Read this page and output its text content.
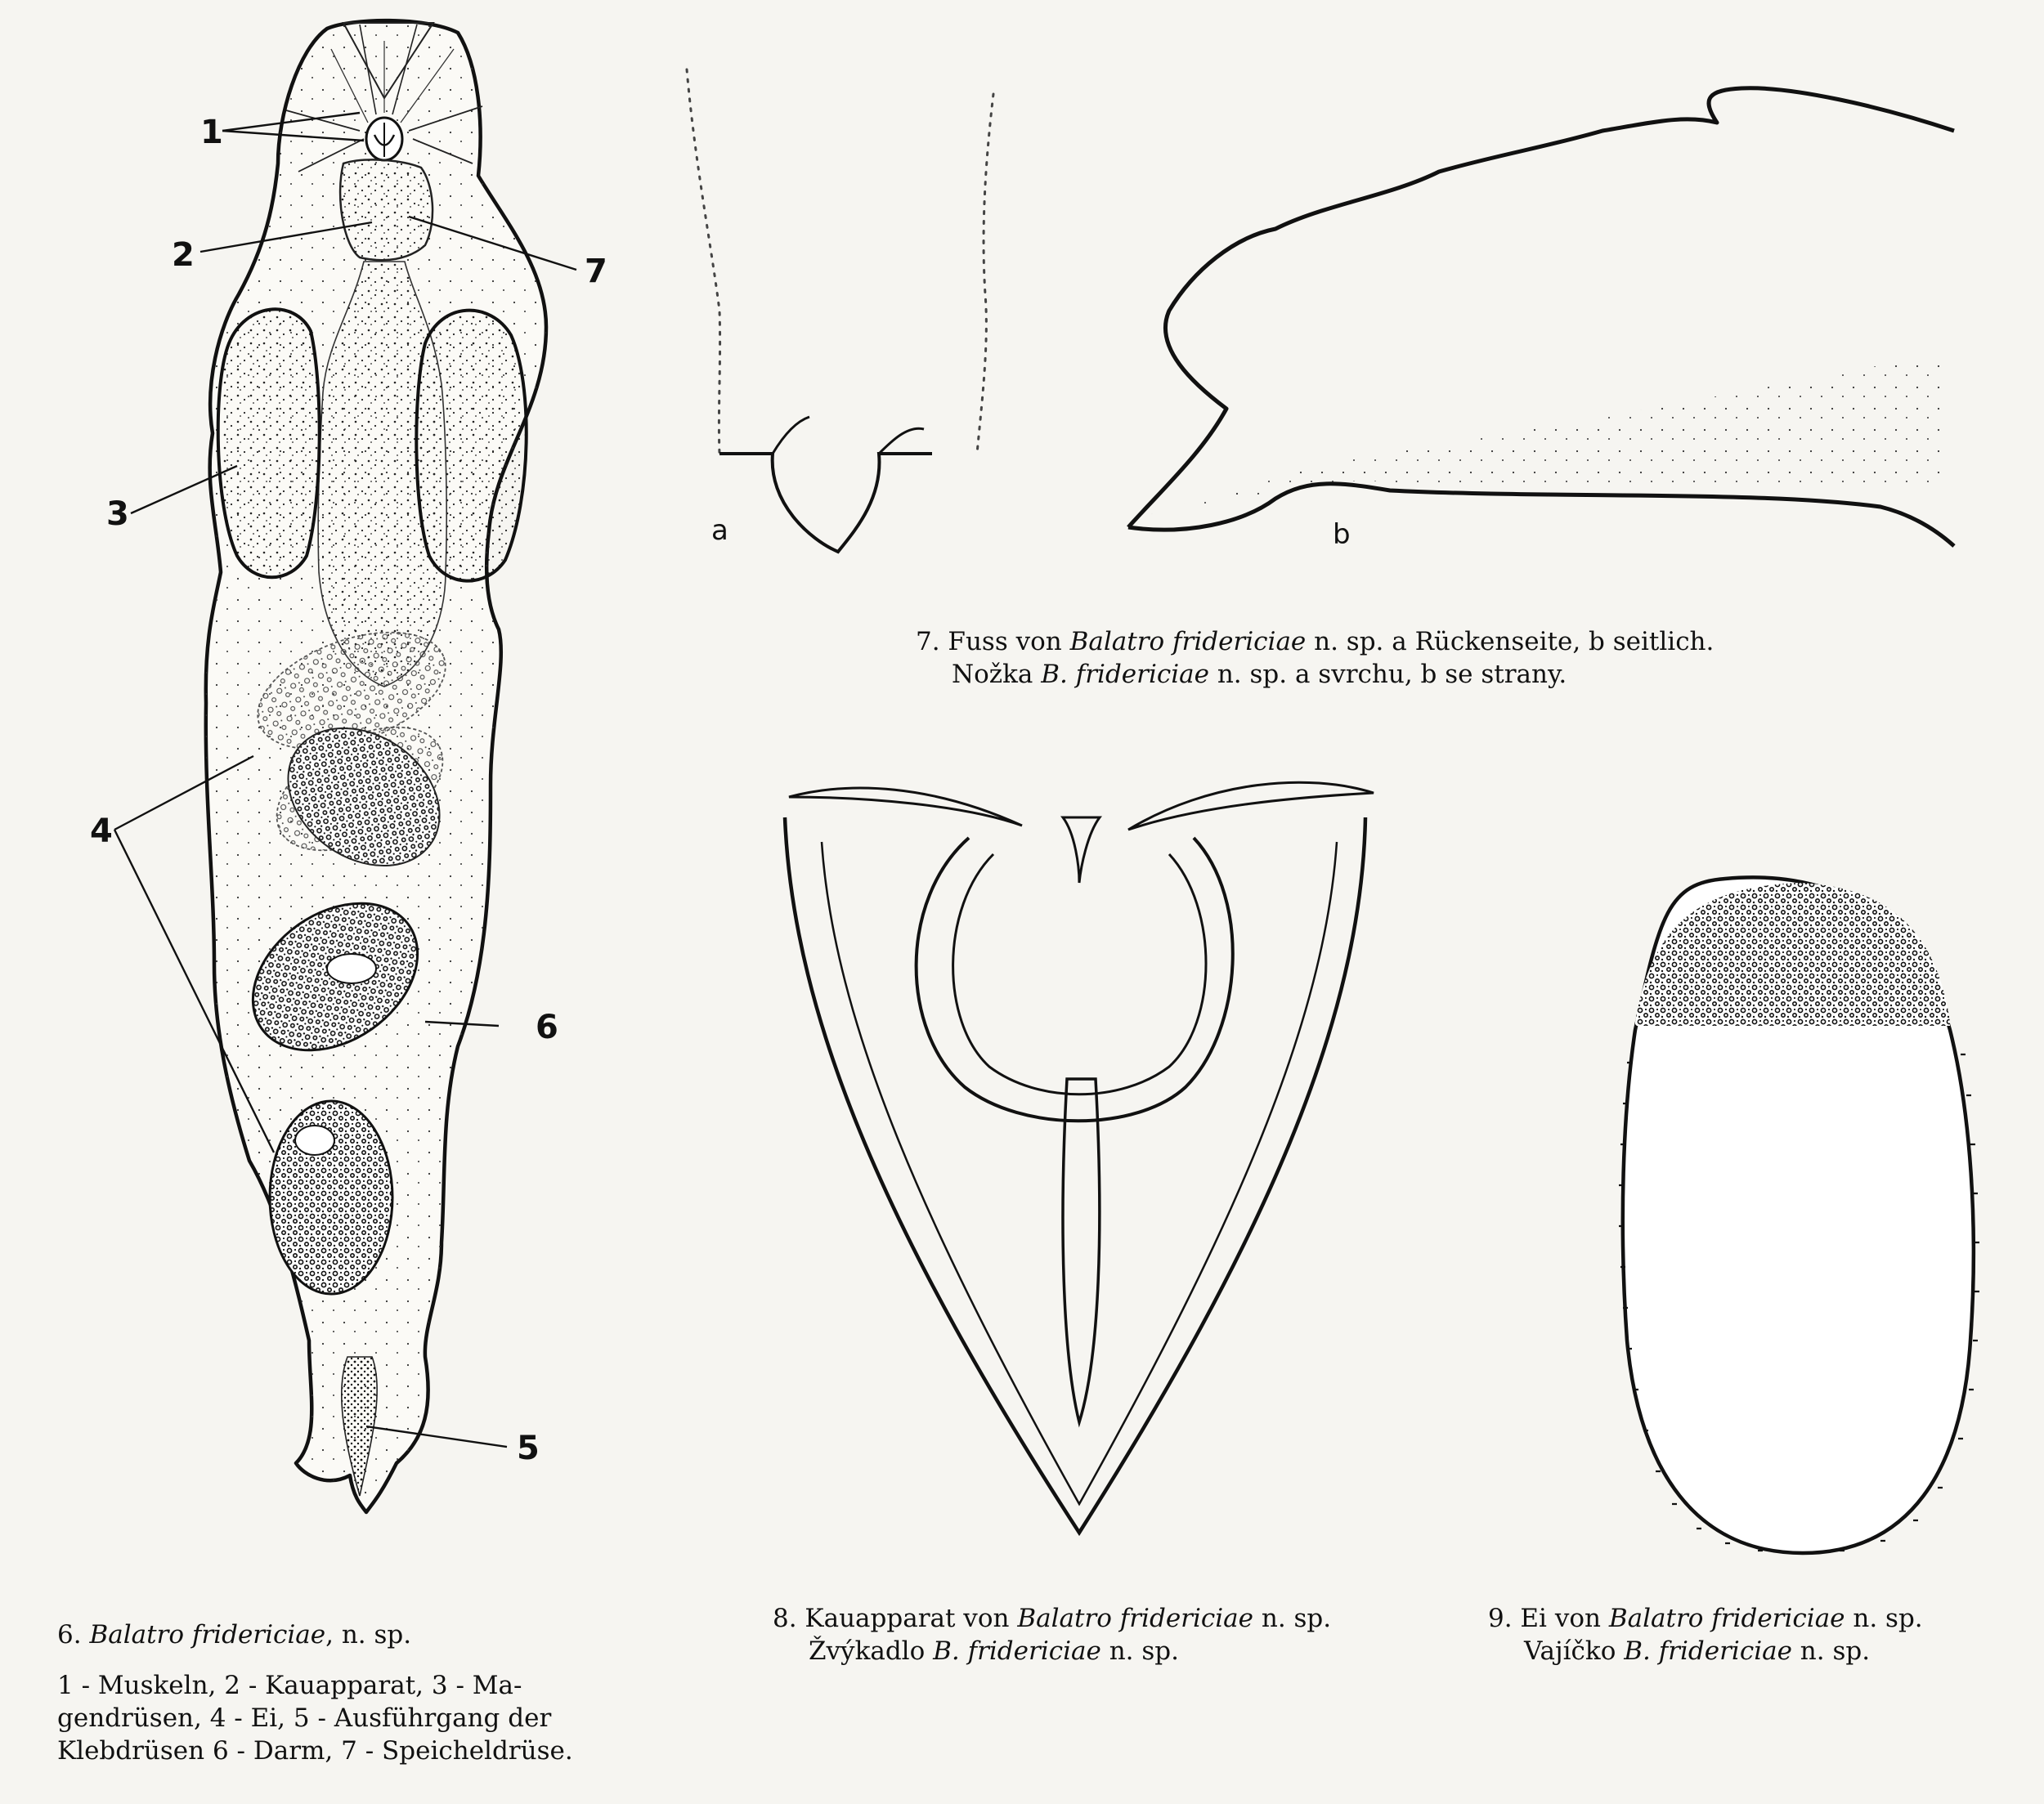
1
2
3
4
5
6
7
a	b
6. Balatro fridericiae, n. sp.
1 - Muskeln, 2 - Kauapparat, 3 - Ma-
gendrüsen, 4 - Ei, 5 - Ausführgang der
Klebdrüsen 6 - Darm, 7 - Speicheldrüse.
7. Fuss von Balatro fridericiae n. sp. a Rückenseite, b seitlich.
Nožka B. fridericiae n. sp. a svrchu, b se strany.
8. Kauapparat von Balatro fridericiae n. sp.
Žvýkadlo B. fridericiae n. sp.
9. Ei von Balatro fridericiae n. sp.
Vajíčko B. fridericiae n. sp.
